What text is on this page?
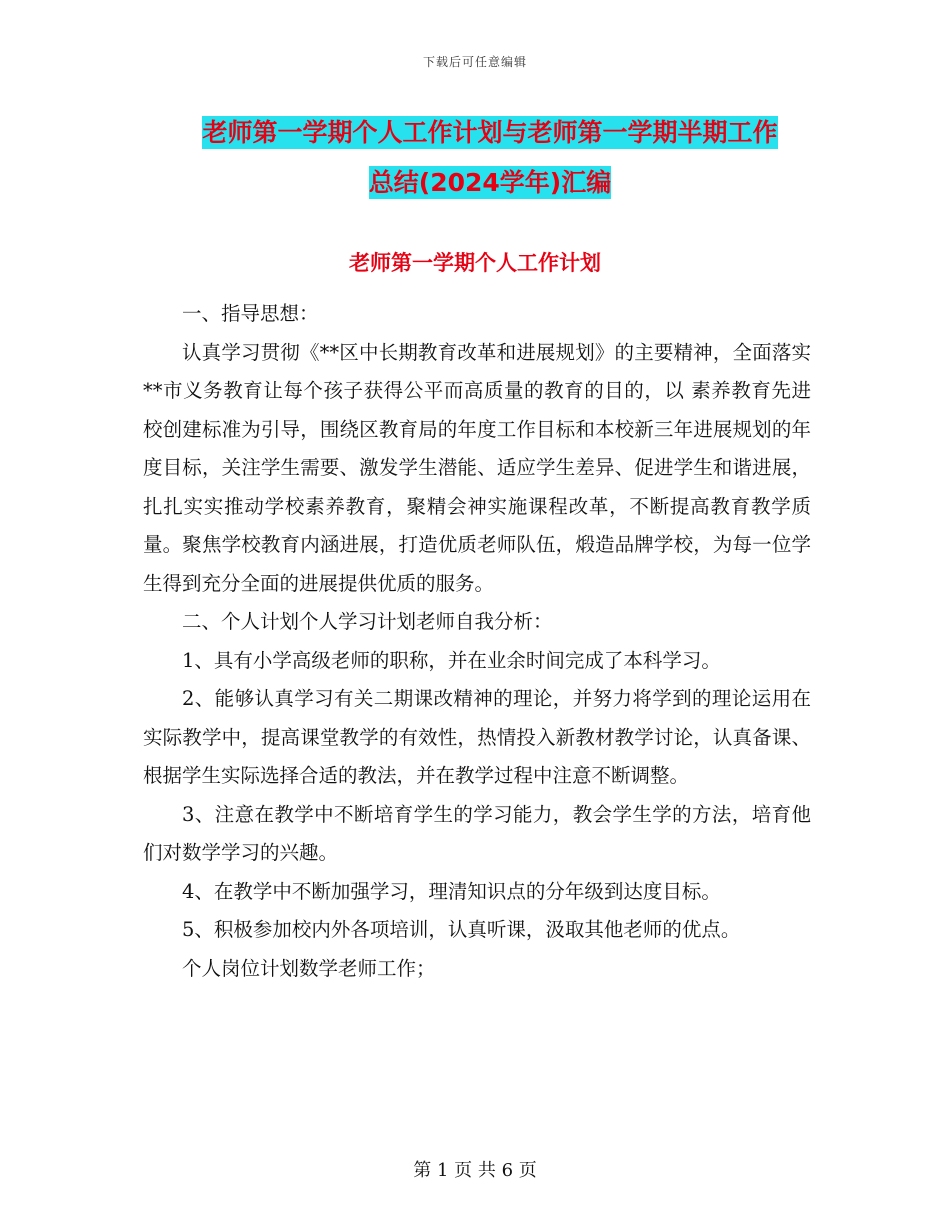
下载后可任意编辑
老师第一学期个人工作计划与老师第一学期半期工作
总结(2024学年)汇编
老师第一学期个人工作计划

一、指导思想：

认真学习贯彻《**区中长期教育改革和进展规划》的主要精神，全面落实**市义务教育让每个孩子获得公平而高质量的教育的目的，以 素养教育先进校创建标准为引导，围绕区教育局的年度工作目标和本校新三年进展规划的年度目标，关注学生需要、激发学生潜能、适应学生差异、促进学生和谐进展，扎扎实实推动学校素养教育，聚精会神实施课程改革，不断提高教育教学质量。聚焦学校教育内涵进展，打造优质老师队伍，煅造品牌学校，为每一位学生得到充分全面的进展提供优质的服务。

二、个人计划个人学习计划老师自我分析：

1、具有小学高级老师的职称，并在业余时间完成了本科学习。

2、能够认真学习有关二期课改精神的理论，并努力将学到的理论运用在实际教学中，提高课堂教学的有效性，热情投入新教材教学讨论，认真备课、根据学生实际选择合适的教法，并在教学过程中注意不断调整。

3、注意在教学中不断培育学生的学习能力，教会学生学的方法，培育他们对数学学习的兴趣。

4、在教学中不断加强学习，理清知识点的分年级到达度目标。

5、积极参加校内外各项培训，认真听课，汲取其他老师的优点。

个人岗位计划数学老师工作；

第 1 页 共 6 页
